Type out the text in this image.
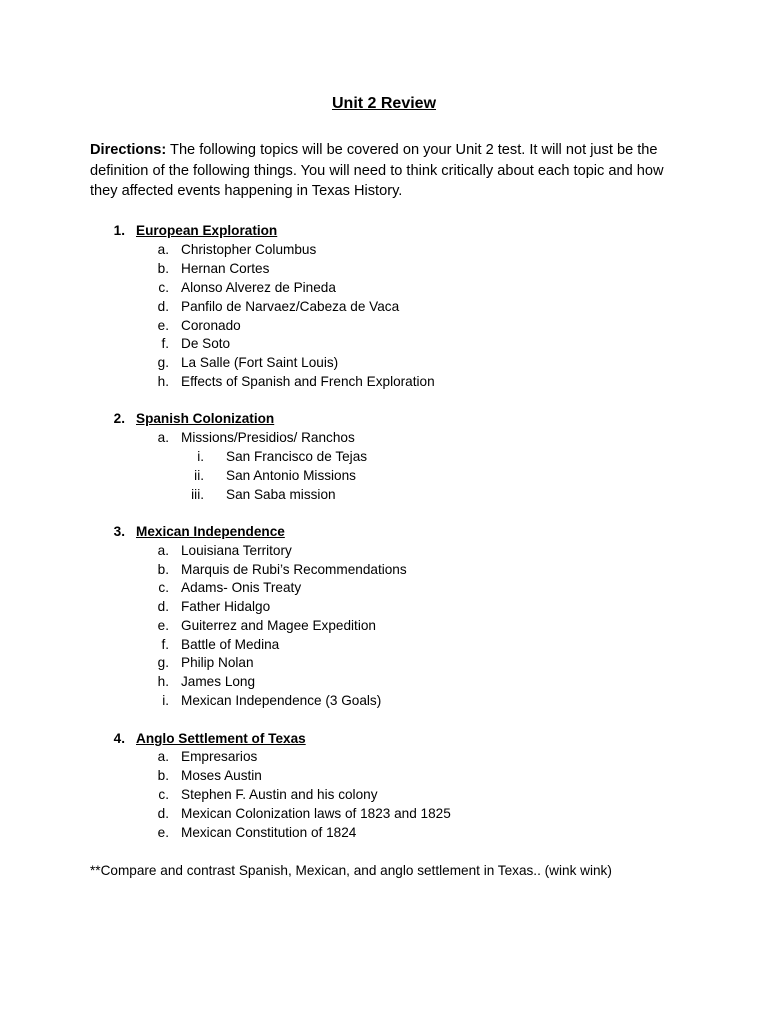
Unit 2 Review
Directions: The following topics will be covered on your Unit 2 test. It will not just be the definition of the following things. You will need to think critically about each topic and how they affected events happening in Texas History.
1. European Exploration
a. Christopher Columbus
b. Hernan Cortes
c. Alonso Alverez de Pineda
d. Panfilo de Narvaez/Cabeza de Vaca
e. Coronado
f. De Soto
g. La Salle (Fort Saint Louis)
h. Effects of Spanish and French Exploration
2. Spanish Colonization
a. Missions/Presidios/ Ranchos
i. San Francisco de Tejas
ii. San Antonio Missions
iii. San Saba mission
3. Mexican Independence
a. Louisiana Territory
b. Marquis de Rubi’s Recommendations
c. Adams- Onis Treaty
d. Father Hidalgo
e. Guiterrez and Magee Expedition
f. Battle of Medina
g. Philip Nolan
h. James Long
i. Mexican Independence (3 Goals)
4. Anglo Settlement of Texas
a. Empresarios
b. Moses Austin
c. Stephen F. Austin and his colony
d. Mexican Colonization laws of 1823 and 1825
e. Mexican Constitution of 1824
**Compare and contrast Spanish, Mexican, and anglo settlement in Texas.. (wink wink)
